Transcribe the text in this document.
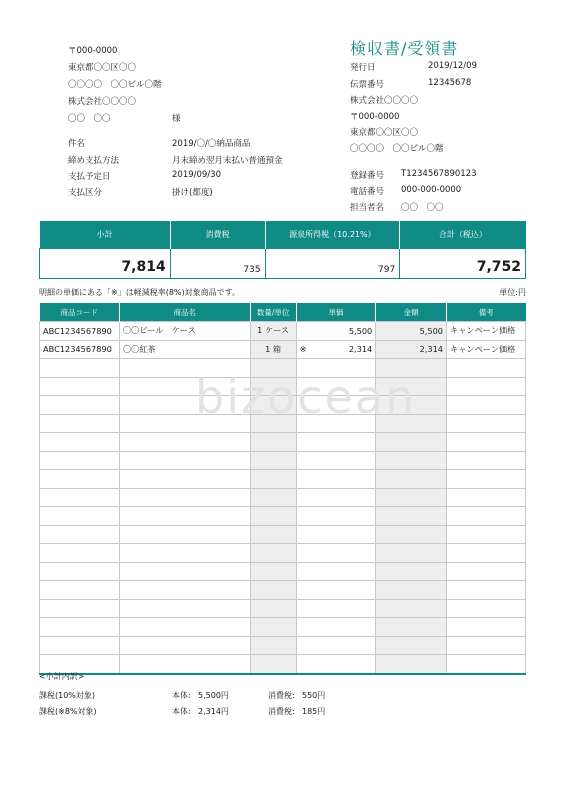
〒000-0000
東京都〇〇区〇〇
〇〇〇〇　〇〇ビル〇階
株式会社〇〇〇〇
〇〇　〇〇	様
件名	2019/〇/〇納品商品
締め支払方法	月末締め翌月末払い普通預金
支払予定日	2019/09/30
支払区分	掛け(都度)
検収書/受領書
発行日	2019/12/09
伝票番号	12345678
株式会社〇〇〇〇
〒000-0000
東京都〇〇区〇〇
〇〇〇〇　〇〇ビル〇階
登録番号 T1234567890123
電話番号 000-000-0000
担当者名 〇〇　〇〇
小計	消費税	源泉所得税（10.21%）	合計（税込）
7,814	735	797	7,752
明細の単価にある「※」は軽減税率(8%)対象商品です。	単位:円
商品コード	商品名	数量/単位	単価	金額	備考
ABC1234567890	〇〇ビール　ケース	1 ケース	5,500	5,500	キャンペーン価格
ABC1234567890	〇〇紅茶	1 箱	※ 2,314	2,314	キャンペーン価格

bizocean
<小計内訳>
課税(10%対象)	本体: 5,500円	消費税: 550円
課税(※8%対象)	本体: 2,314円	消費税: 185円
